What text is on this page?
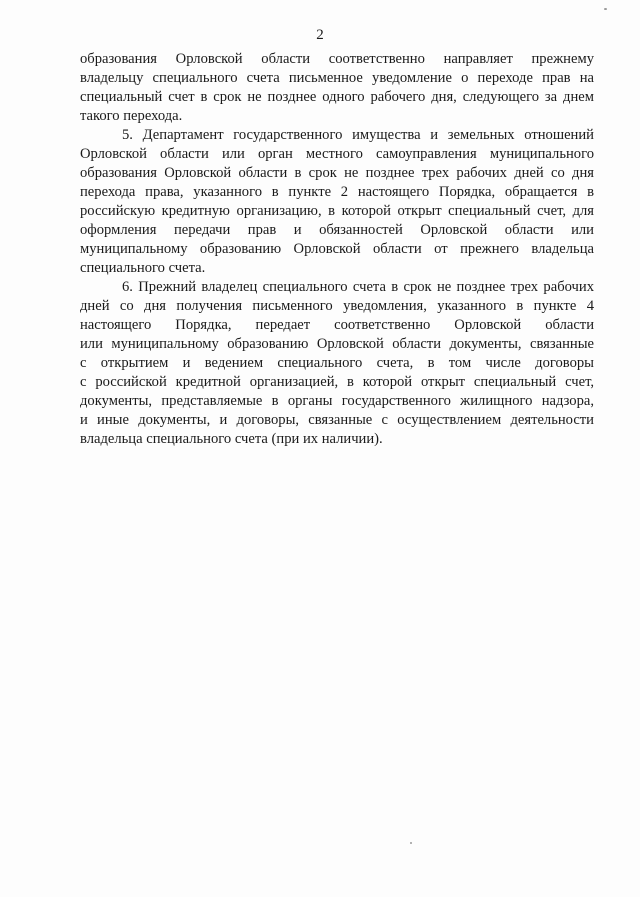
2
образования Орловской области соответственно направляет прежнему
владельцу специального счета письменное уведомление о переходе прав на
специальный счет в срок не позднее одного рабочего дня, следующего за днем
такого перехода.
5. Департамент государственного имущества и земельных отношений
Орловской области или орган местного самоуправления муниципального
образования Орловской области в срок не позднее трех рабочих дней со дня
перехода права, указанного в пункте 2 настоящего Порядка, обращается в
российскую кредитную организацию, в которой открыт специальный счет, для
оформления передачи прав и обязанностей Орловской области или
муниципальному образованию Орловской области от прежнего владельца
специального счета.
6. Прежний владелец специального счета в срок не позднее трех рабочих
дней со дня получения письменного уведомления, указанного в пункте 4
настоящего Порядка, передает соответственно Орловской области
или муниципальному образованию Орловской области документы, связанные
с открытием и ведением специального счета, в том числе договоры
с российской кредитной организацией, в которой открыт специальный счет,
документы, представляемые в органы государственного жилищного надзора,
и иные документы, и договоры, связанные с осуществлением деятельности
владельца специального счета (при их наличии).
